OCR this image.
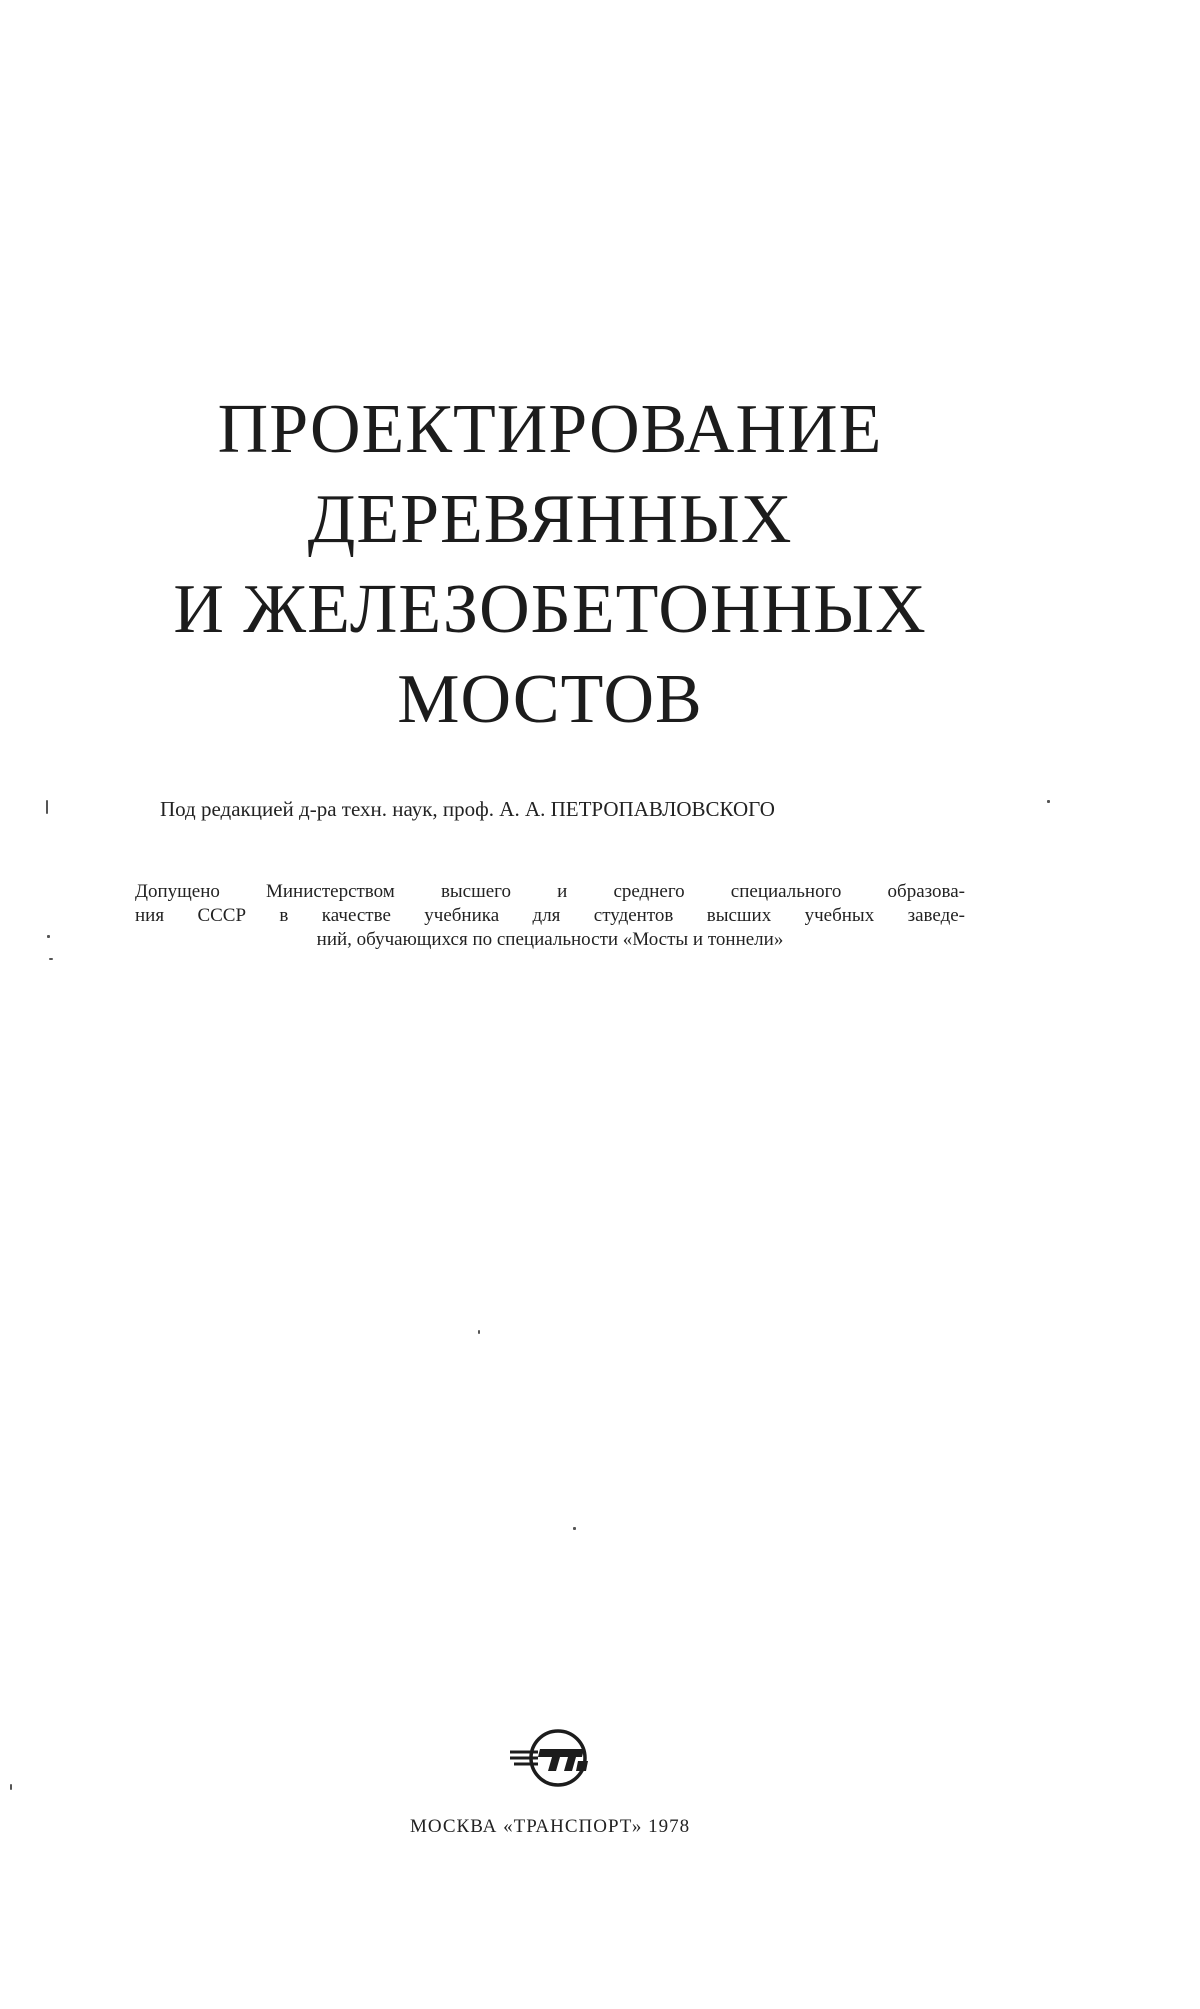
ПРОЕКТИРОВАНИЕ
ДЕРЕВЯННЫХ
И ЖЕЛЕЗОБЕТОННЫХ
МОСТОВ
Под редакцией д-ра техн. наук, проф. А. А. ПЕТРОПАВЛОВСКОГО
Допущено Министерством высшего и среднего специального образова-
ния СССР в качестве учебника для студентов высших учебных заведе-
ний, обучающихся по специальности «Мосты и тоннели»
МОСКВА «ТРАНСПОРТ» 1978
